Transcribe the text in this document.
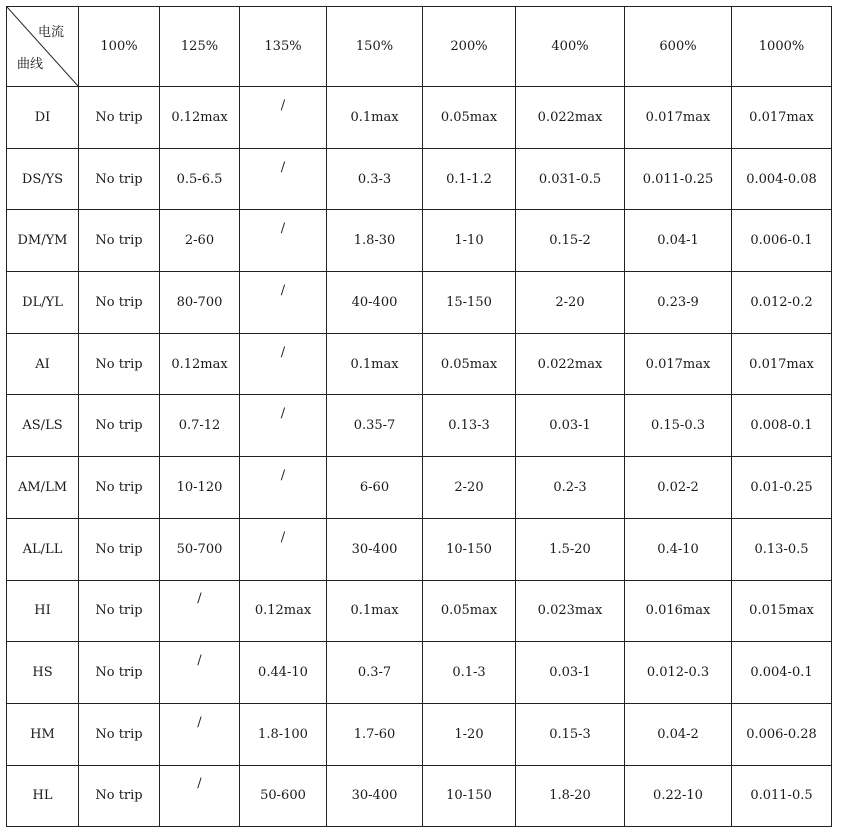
电流
曲线	100%	125%	135%	150%	200%	400%	600%	1000%
DI	No trip	0.12max	/	0.1max	0.05max	0.022max	0.017max	0.017max
DS/YS	No trip	0.5-6.5	/	0.3-3	0.1-1.2	0.031-0.5	0.011-0.25	0.004-0.08
DM/YM	No trip	2-60	/	1.8-30	1-10	0.15-2	0.04-1	0.006-0.1
DL/YL	No trip	80-700	/	40-400	15-150	2-20	0.23-9	0.012-0.2
AI	No trip	0.12max	/	0.1max	0.05max	0.022max	0.017max	0.017max
AS/LS	No trip	0.7-12	/	0.35-7	0.13-3	0.03-1	0.15-0.3	0.008-0.1
AM/LM	No trip	10-120	/	6-60	2-20	0.2-3	0.02-2	0.01-0.25
AL/LL	No trip	50-700	/	30-400	10-150	1.5-20	0.4-10	0.13-0.5
HI	No trip	/	0.12max	0.1max	0.05max	0.023max	0.016max	0.015max
HS	No trip	/	0.44-10	0.3-7	0.1-3	0.03-1	0.012-0.3	0.004-0.1
HM	No trip	/	1.8-100	1.7-60	1-20	0.15-3	0.04-2	0.006-0.28
HL	No trip	/	50-600	30-400	10-150	1.8-20	0.22-10	0.011-0.5
